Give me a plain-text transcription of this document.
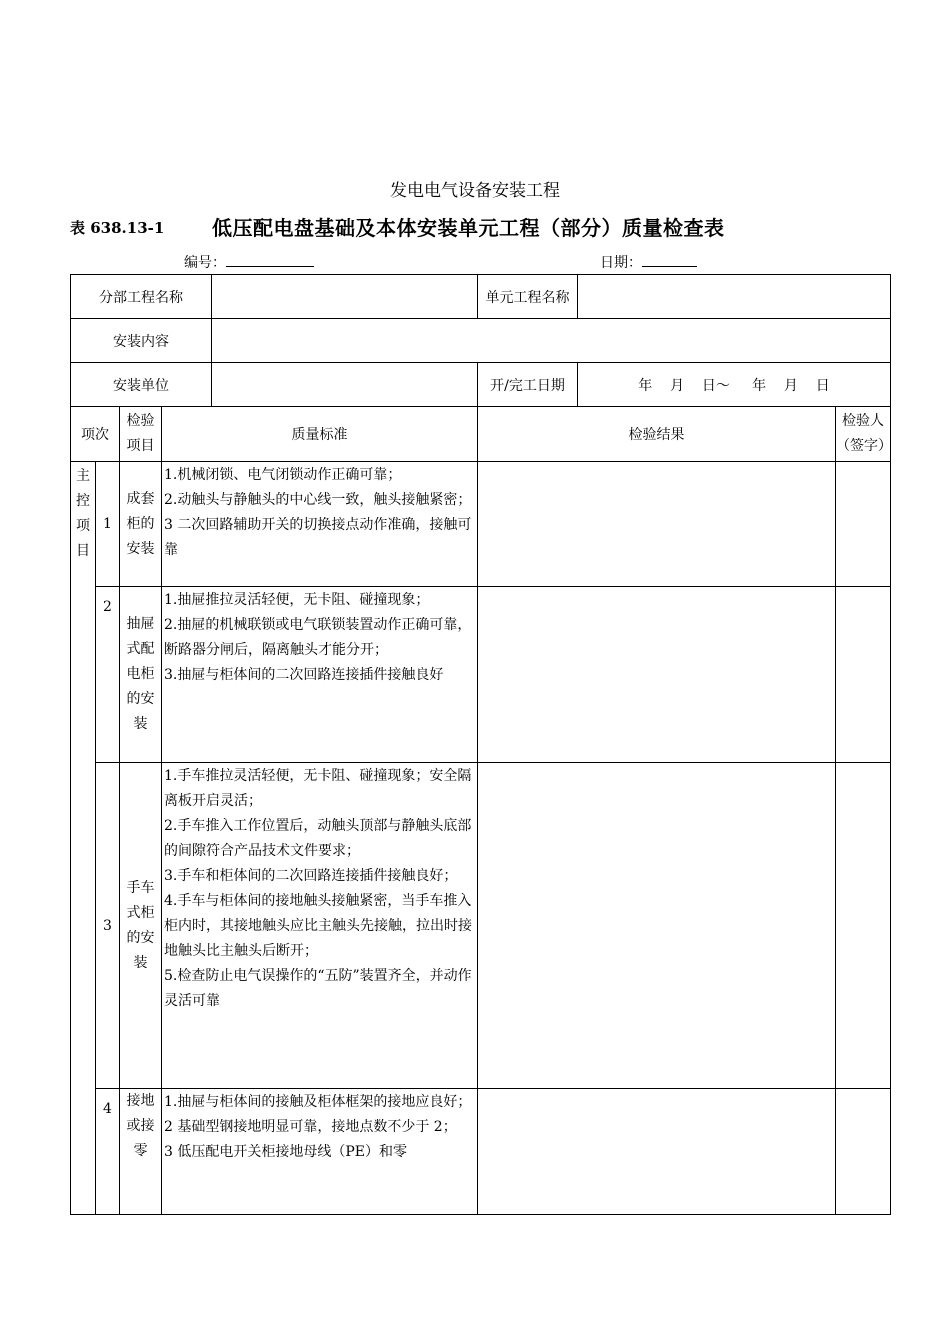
发电电气设备安装工程
表 638.13-1 低压配电盘基础及本体安装单元工程（部分）质量检查表
编号：	日期：
分部工程名称					单元工程名称		
安装内容							
安装单位					开/完工日期	年    月    日～     年    月    日	
项次		检验项目	质量标准		检验结果		检验人（签字）

主控项目	1	成套柜的安装	1.机械闭锁、电气闭锁动作正确可靠；
2.动触头与静触头的中心线一致，触头接触紧密；
3 二次回路辅助开关的切换接点动作准确，接触可靠				

	2	抽屉式配电柜的安装	1.抽屉推拉灵活轻便，无卡阻、碰撞现象；
2.抽屉的机械联锁或电气联锁装置动作正确可靠，断路器分闸后，隔离触头才能分开；
3.抽屉与柜体间的二次回路连接插件接触良好				

	3	手车式柜的安装	1.手车推拉灵活轻便，无卡阻、碰撞现象；安全隔离板开启灵活；
2.手车推入工作位置后，动触头顶部与静触头底部的间隙符合产品技术文件要求；
3.手车和柜体间的二次回路连接插件接触良好；
4.手车与柜体间的接地触头接触紧密，当手车推入柜内时，其接地触头应比主触头先接触，拉出时接地触头比主触头后断开；
5.检查防止电气误操作的“五防”装置齐全，并动作灵活可靠				

	4	接地或接零	1.抽屉与柜体间的接触及柜体框架的接地应良好；
2 基础型钢接地明显可靠，接地点数不少于 2；
3 低压配电开关柜接地母线（PE）和零				
